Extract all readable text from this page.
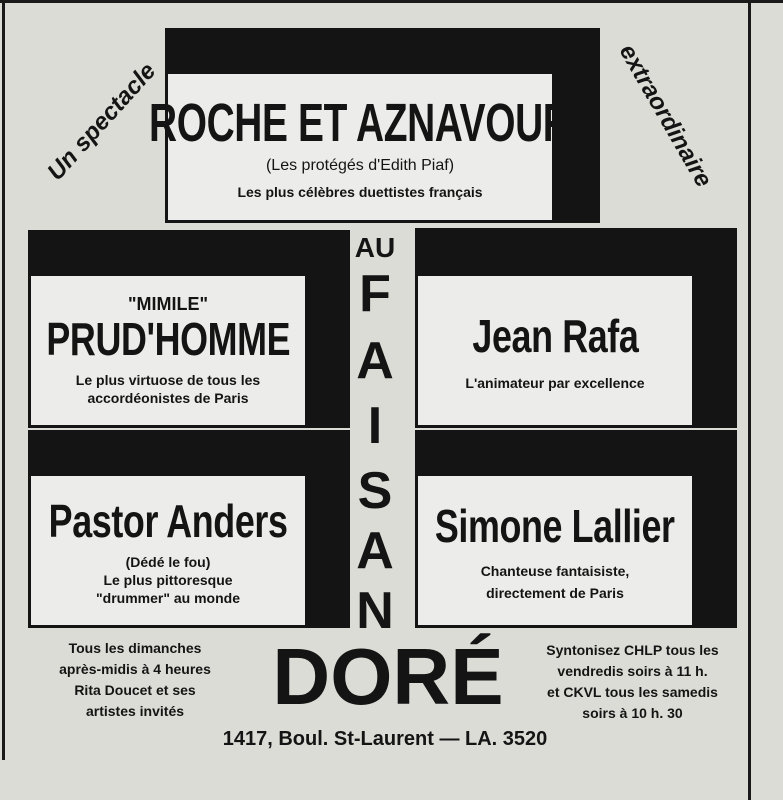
Un spectacle	extraordinaire
ROCHE ET AZNAVOUR
(Les protégés d'Edith Piaf)
Les plus célèbres duettistes français
"MIMILE"
PRUD'HOMME
Le plus virtuose de tous les
accordéonistes de Paris
Jean Rafa
L'animateur par excellence
Pastor Anders
(Dédé le fou)
Le plus pittoresque
"drummer" au monde
Simone Lallier
Chanteuse fantaisiste,
directement de Paris
AU
F
A
I
S
A
N
DORÉ
Tous les dimanches
après-midis à 4 heures
Rita Doucet et ses
artistes invités
Syntonisez CHLP tous les
vendredis soirs à 11 h.
et CKVL tous les samedis
soirs à 10 h. 30
1417, Boul. St-Laurent — LA. 3520
